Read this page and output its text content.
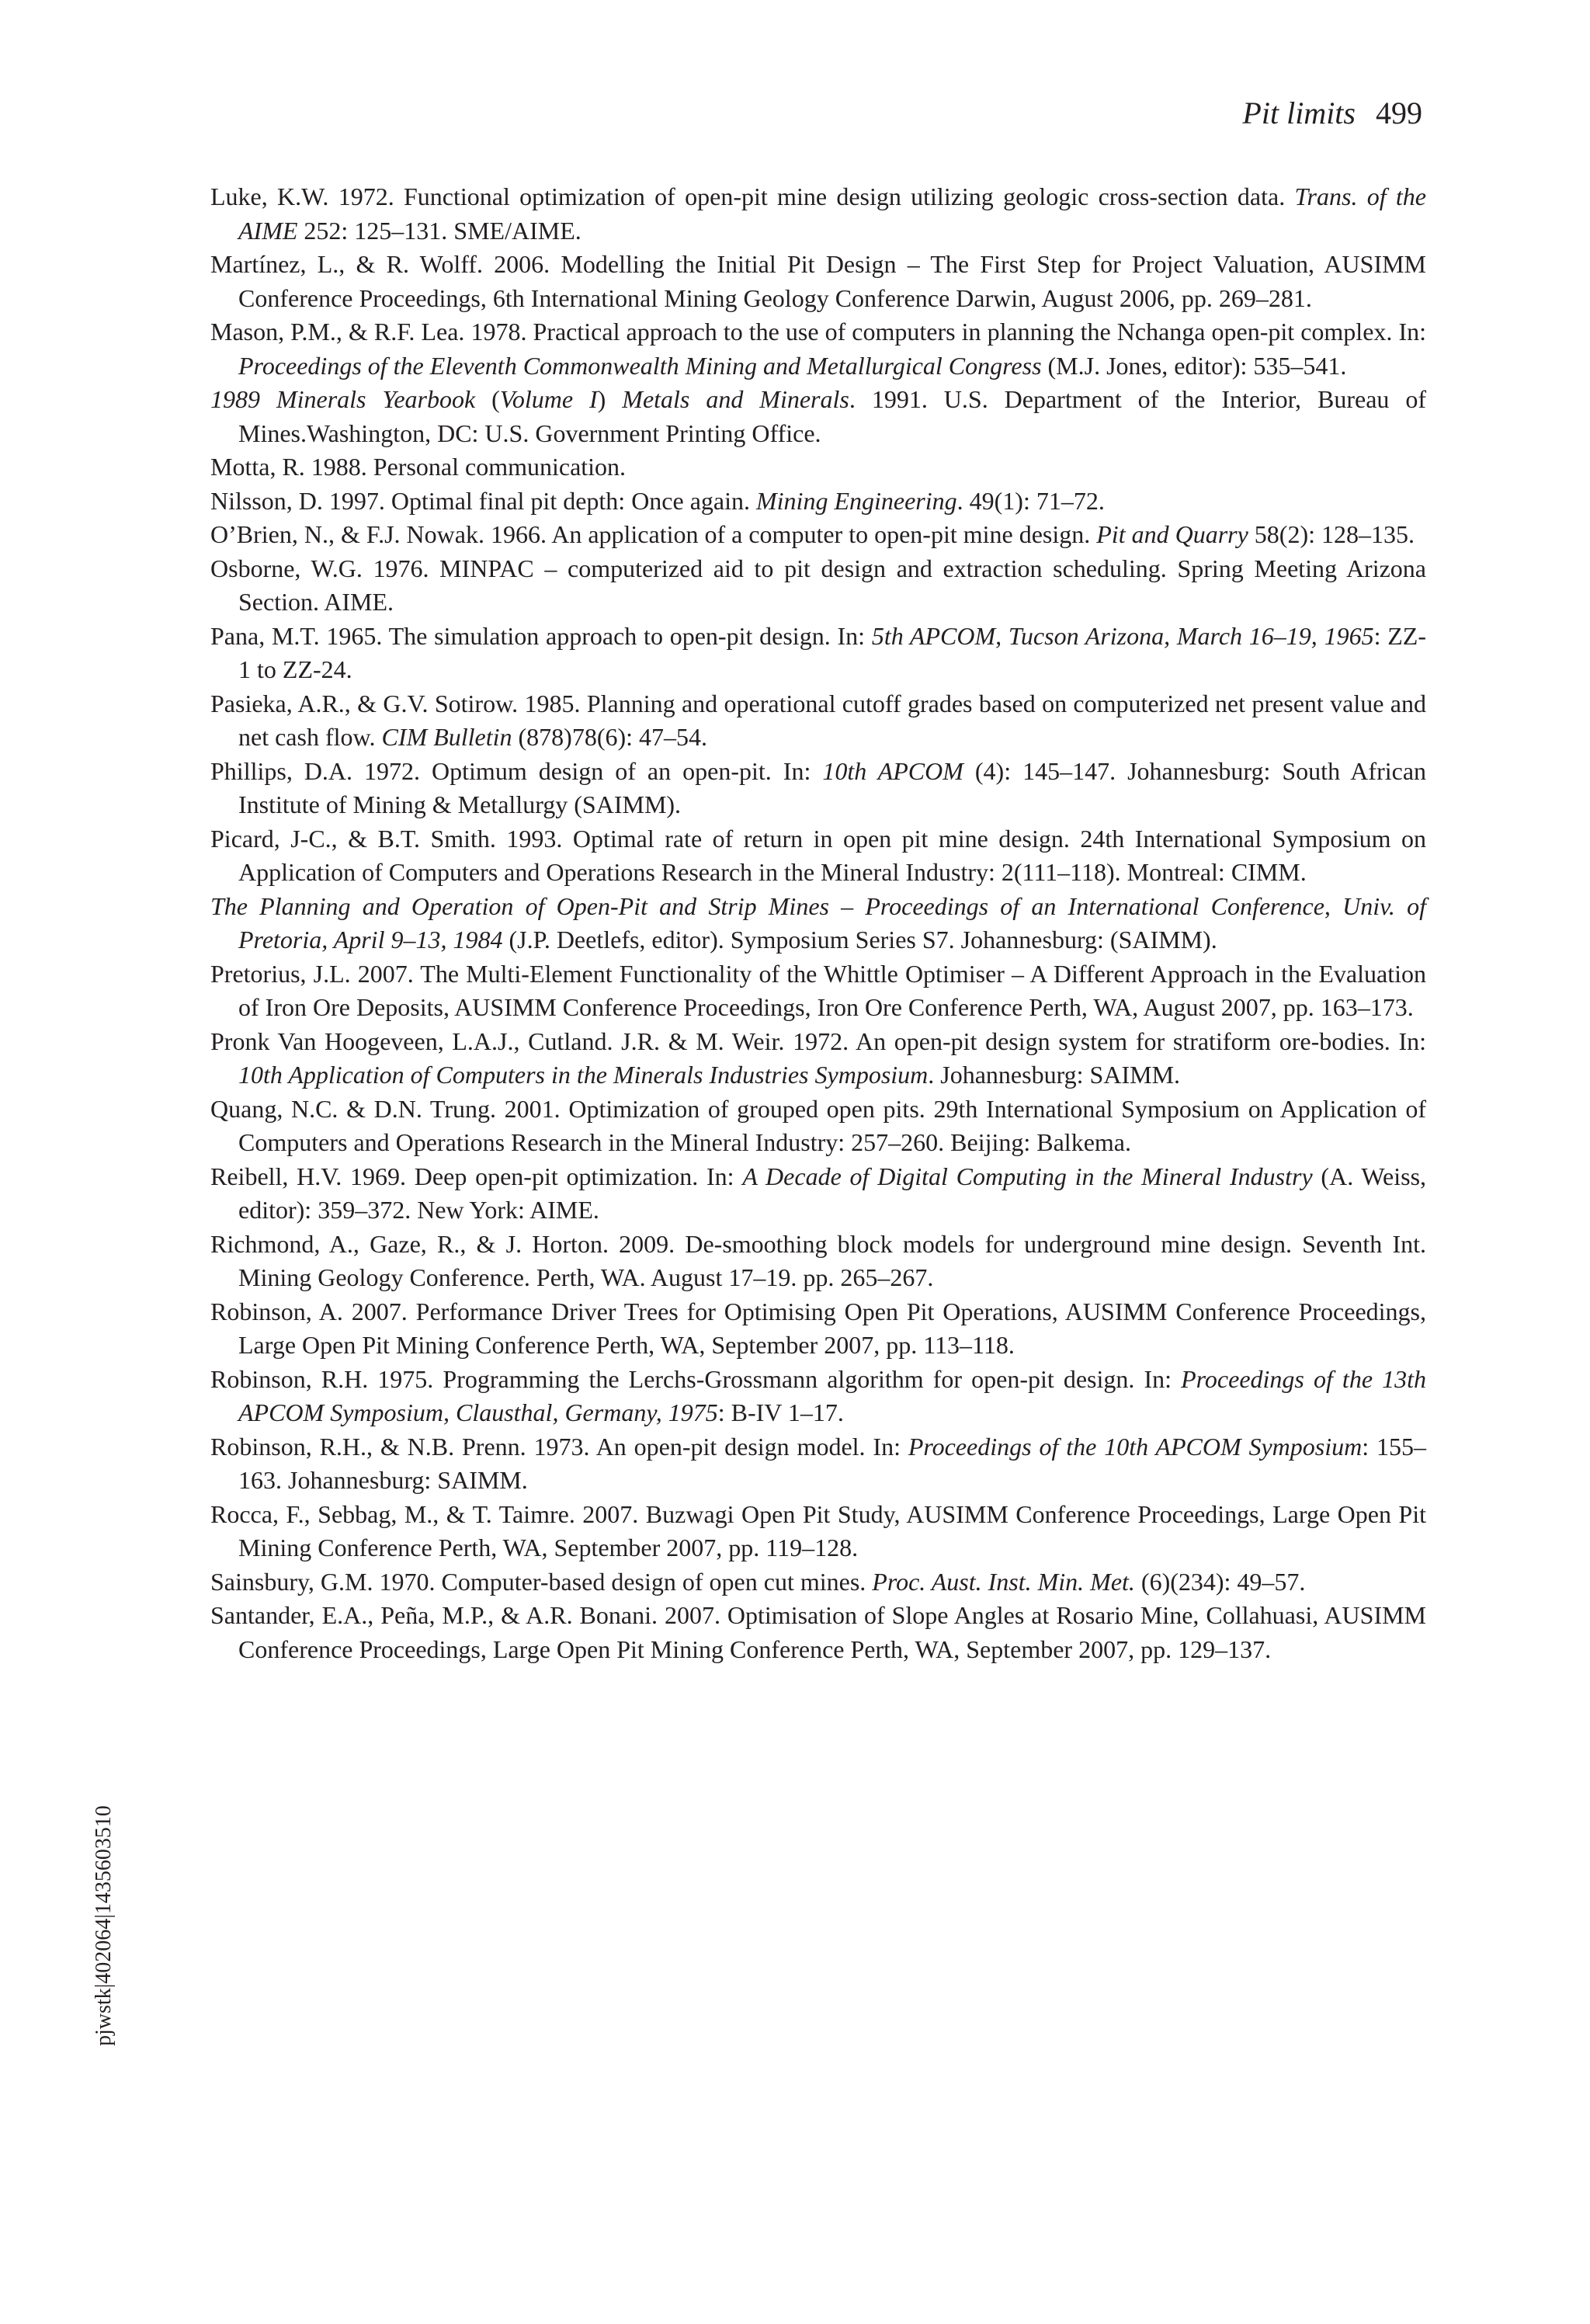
Pit limits 499

Luke, K.W. 1972. Functional optimization of open-pit mine design utilizing geologic cross-section data. Trans. of the AIME 252: 125–131. SME/AIME.

Martínez, L., & R. Wolff. 2006. Modelling the Initial Pit Design – The First Step for Project Valuation, AUSIMM Conference Proceedings, 6th International Mining Geology Conference Darwin, August 2006, pp. 269–281.

Mason, P.M., & R.F. Lea. 1978. Practical approach to the use of computers in planning the Nchanga open-pit complex. In: Proceedings of the Eleventh Commonwealth Mining and Metallurgical Congress (M.J. Jones, editor): 535–541.

1989 Minerals Yearbook (Volume I) Metals and Minerals. 1991. U.S. Department of the Interior, Bureau of Mines.Washington, DC: U.S. Government Printing Office.

Motta, R. 1988. Personal communication.

Nilsson, D. 1997. Optimal final pit depth: Once again. Mining Engineering. 49(1): 71–72.

O’Brien, N., & F.J. Nowak. 1966. An application of a computer to open-pit mine design. Pit and Quarry 58(2): 128–135.

Osborne, W.G. 1976. MINPAC – computerized aid to pit design and extraction scheduling. Spring Meeting Arizona Section. AIME.

Pana, M.T. 1965. The simulation approach to open-pit design. In: 5th APCOM, Tucson Arizona, March 16–19, 1965: ZZ-1 to ZZ-24.

Pasieka, A.R., & G.V. Sotirow. 1985. Planning and operational cutoff grades based on computerized net present value and net cash flow. CIM Bulletin (878)78(6): 47–54.

Phillips, D.A. 1972. Optimum design of an open-pit. In: 10th APCOM (4): 145–147. Johannesburg: South African Institute of Mining & Metallurgy (SAIMM).

Picard, J-C., & B.T. Smith. 1993. Optimal rate of return in open pit mine design. 24th International Symposium on Application of Computers and Operations Research in the Mineral Industry: 2(111–118). Montreal: CIMM.

The Planning and Operation of Open-Pit and Strip Mines – Proceedings of an International Conference, Univ. of Pretoria, April 9–13, 1984 (J.P. Deetlefs, editor). Symposium Series S7. Johannesburg: (SAIMM).

Pretorius, J.L. 2007. The Multi-Element Functionality of the Whittle Optimiser – A Different Approach in the Evaluation of Iron Ore Deposits, AUSIMM Conference Proceedings, Iron Ore Conference Perth, WA, August 2007, pp. 163–173.

Pronk Van Hoogeveen, L.A.J., Cutland. J.R. & M. Weir. 1972. An open-pit design system for stratiform ore-bodies. In: 10th Application of Computers in the Minerals Industries Symposium. Johannesburg: SAIMM.

Quang, N.C. & D.N. Trung. 2001. Optimization of grouped open pits. 29th International Symposium on Application of Computers and Operations Research in the Mineral Industry: 257–260. Beijing: Balkema.

Reibell, H.V. 1969. Deep open-pit optimization. In: A Decade of Digital Computing in the Mineral Industry (A. Weiss, editor): 359–372. New York: AIME.

Richmond, A., Gaze, R., & J. Horton. 2009. De-smoothing block models for underground mine design. Seventh Int. Mining Geology Conference. Perth, WA. August 17–19. pp. 265–267.

Robinson, A. 2007. Performance Driver Trees for Optimising Open Pit Operations, AUSIMM Conference Proceedings, Large Open Pit Mining Conference Perth, WA, September 2007, pp. 113–118.

Robinson, R.H. 1975. Programming the Lerchs-Grossmann algorithm for open-pit design. In: Proceedings of the 13th APCOM Symposium, Clausthal, Germany, 1975: B-IV 1–17.

Robinson, R.H., & N.B. Prenn. 1973. An open-pit design model. In: Proceedings of the 10th APCOM Symposium: 155–163. Johannesburg: SAIMM.

Rocca, F., Sebbag, M., & T. Taimre. 2007. Buzwagi Open Pit Study, AUSIMM Conference Proceedings, Large Open Pit Mining Conference Perth, WA, September 2007, pp. 119–128.

Sainsbury, G.M. 1970. Computer-based design of open cut mines. Proc. Aust. Inst. Min. Met. (6)(234): 49–57.

Santander, E.A., Peña, M.P., & A.R. Bonani. 2007. Optimisation of Slope Angles at Rosario Mine, Collahuasi, AUSIMM Conference Proceedings, Large Open Pit Mining Conference Perth, WA, September 2007, pp. 129–137.

pjwstk|402064|1435603510
